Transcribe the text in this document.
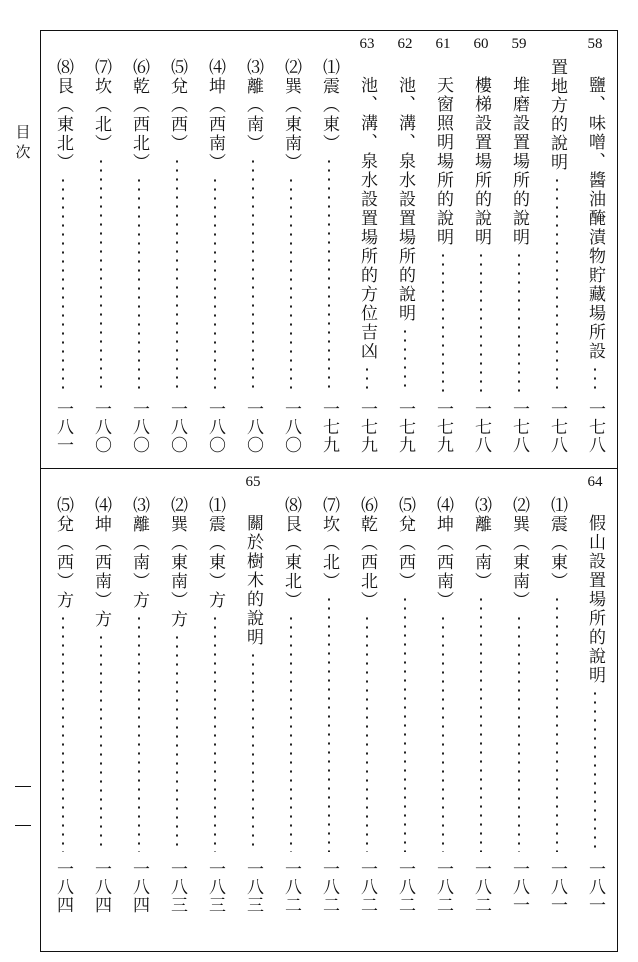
目次
58
鹽、味噌、醬油醃漬物貯藏場所設
一七八
置地方的說明
一七八
59
堆磨設置場所的說明
一七八
60
樓梯設置場所的說明
一七八
61
天窗照明場所的說明
一七九
62
池、溝、泉水設置場所的說明
一七九
63
池、溝、泉水設置場所的方位吉凶
一七九
⑴震（東）
一七九
⑵巽（東南）
一八〇
⑶離（南）
一八〇
⑷坤（西南）
一八〇
⑸兌（西）
一八〇
⑹乾（西北）
一八〇
⑺坎（北）
一八〇
⑻艮（東北）
一八一
64
假山設置場所的說明
一八一
⑴震（東）
一八一
⑵巽（東南）
一八一
⑶離（南）
一八二
⑷坤（西南）
一八二
⑸兌（西）
一八二
⑹乾（西北）
一八二
⑺坎（北）
一八二
⑻艮（東北）
一八二
65
關於樹木的說明
一八三
⑴震（東）方
一八三
⑵巽（東南）方
一八三
⑶離（南）方
一八四
⑷坤（西南）方
一八四
⑸兌（西）方
一八四
